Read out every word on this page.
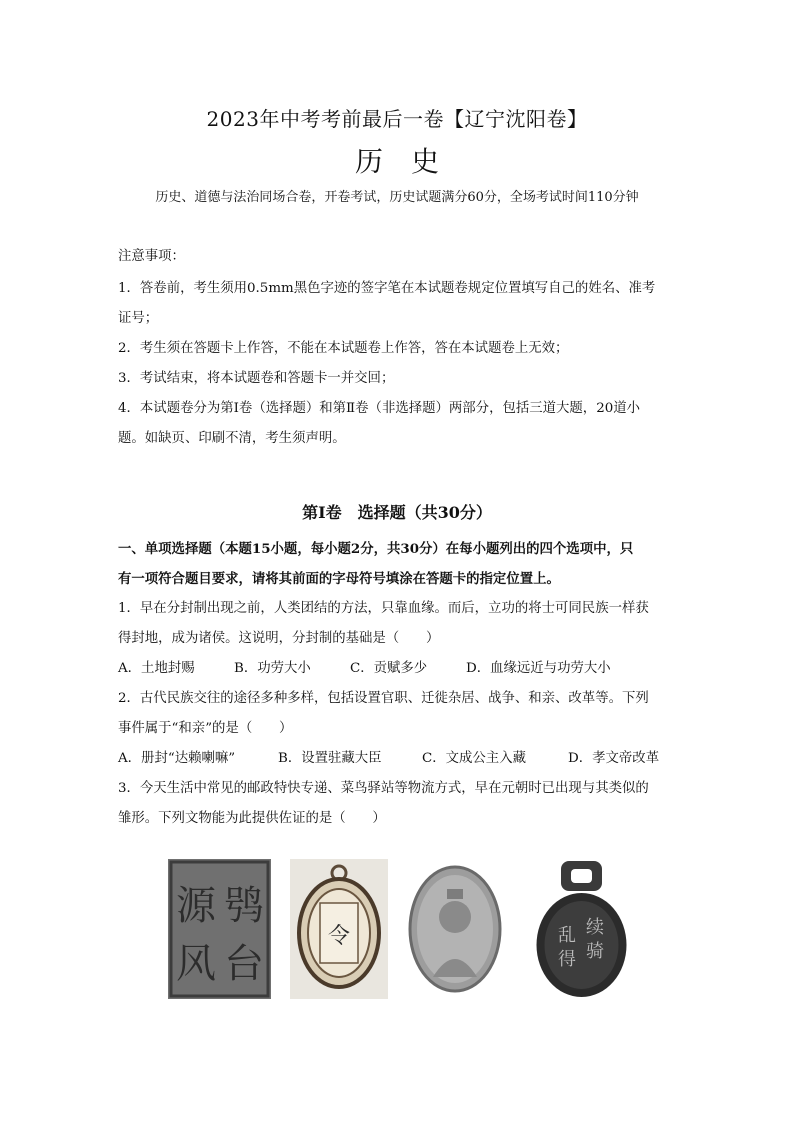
2023年中考考前最后一卷【辽宁沈阳卷】
历史
历史、道德与法治同场合卷，开卷考试，历史试题满分60分，全场考试时间110分钟
注意事项：
1．答卷前，考生须用0.5mm黑色字迹的签字笔在本试题卷规定位置填写自己的姓名、准考
证号；
2．考生须在答题卡上作答，不能在本试题卷上作答，答在本试题卷上无效；
3．考试结束，将本试题卷和答题卡一并交回；
4．本试题卷分为第Ⅰ卷（选择题）和第Ⅱ卷（非选择题）两部分，包括三道大题，20道小
题。如缺页、印刷不清，考生须声明。
第Ⅰ卷　选择题（共30分）
一、单项选择题（本题15小题，每小题2分，共30分）在每小题列出的四个选项中，只
有一项符合题目要求，请将其前面的字母符号填涂在答题卡的指定位置上。
1．早在分封制出现之前，人类团结的方法，只靠血缘。而后，立功的将士可同民族一样获
得封地，成为诸侯。这说明，分封制的基础是（　　）
A．土地封赐	B．功劳大小	C．贡赋多少	D．血缘远近与功劳大小
2．古代民族交往的途径多种多样，包括设置官职、迁徙杂居、战争、和亲、改革等。下列
事件属于“和亲”的是（　　）
A．册封“达赖喇嘛”	B．设置驻藏大臣	C．文成公主入藏	D．孝文帝改革
3．今天生活中常见的邮政特快专递、菜鸟驿站等物流方式，早在元朝时已出现与其类似的
雏形。下列文物能为此提供佐证的是（　　）
源 鸮
风 台
令	乱 续
得 骑
